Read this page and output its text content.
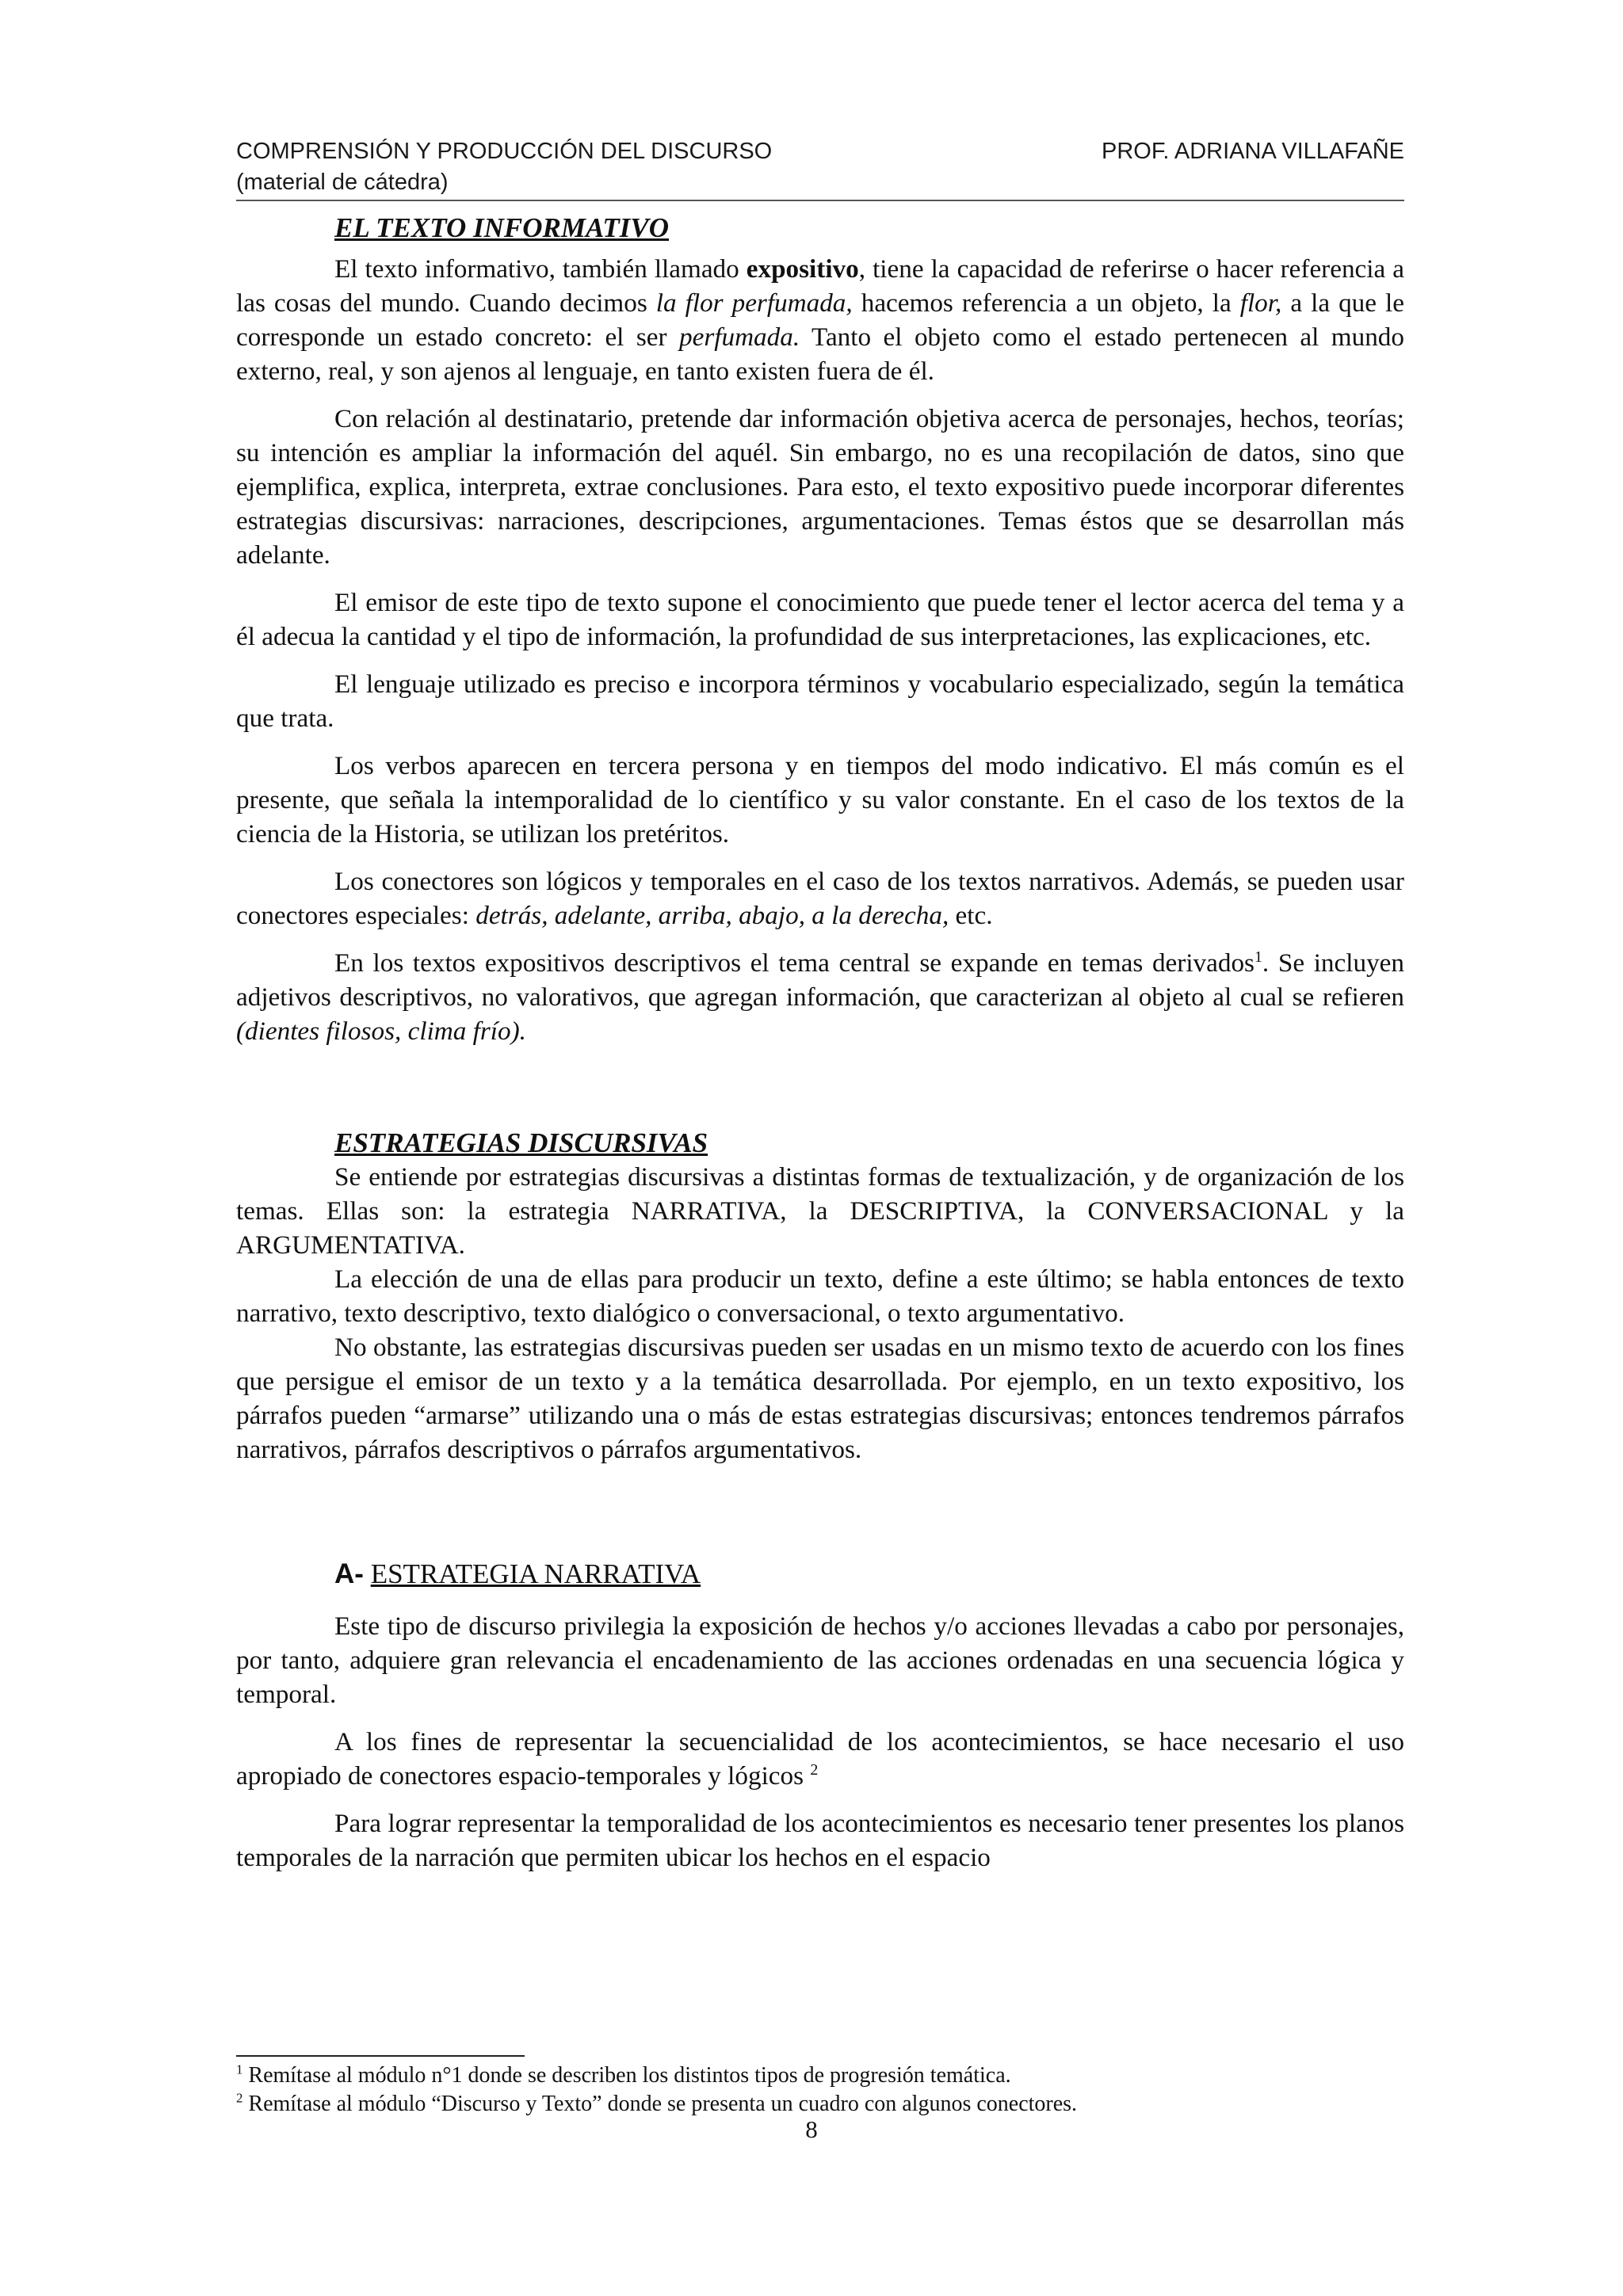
COMPRENSIÓN Y PRODUCCIÓN DEL DISCURSO
(material de cátedra)
PROF. ADRIANA VILLAFAÑE
EL TEXTO INFORMATIVO

El texto informativo, también llamado expositivo, tiene la capacidad de referirse o hacer referencia a las cosas del mundo. Cuando decimos la flor perfumada, hacemos referencia a un objeto, la flor, a la que le corresponde un estado concreto: el ser perfumada. Tanto el objeto como el estado pertenecen al mundo externo, real, y son ajenos al lenguaje, en tanto existen fuera de él.

Con relación al destinatario, pretende dar información objetiva acerca de personajes, hechos, teorías; su intención es ampliar la información del aquél. Sin embargo, no es una recopilación de datos, sino que ejemplifica, explica, interpreta, extrae conclusiones. Para esto, el texto expositivo puede incorporar diferentes estrategias discursivas: narraciones, descripciones, argumentaciones. Temas éstos que se desarrollan más adelante.

El emisor de este tipo de texto supone el conocimiento que puede tener el lector acerca del tema y a él adecua la cantidad y el tipo de información, la profundidad de sus interpretaciones, las explicaciones, etc.

El lenguaje utilizado es preciso e incorpora términos y vocabulario especializado, según la temática que trata.

Los verbos aparecen en tercera persona y en tiempos del modo indicativo. El más común es el presente, que señala la intemporalidad de lo científico y su valor constante. En el caso de los textos de la ciencia de la Historia, se utilizan los pretéritos.

Los conectores son lógicos y temporales en el caso de los textos narrativos. Además, se pueden usar conectores especiales: detrás, adelante, arriba, abajo, a la derecha, etc.

En los textos expositivos descriptivos el tema central se expande en temas derivados$^1$. Se incluyen adjetivos descriptivos, no valorativos, que agregan información, que caracterizan al objeto al cual se refieren (dientes filosos, clima frío).

ESTRATEGIAS DISCURSIVAS

Se entiende por estrategias discursivas a distintas formas de textualización, y de organización de los temas. Ellas son: la estrategia NARRATIVA, la DESCRIPTIVA, la CONVERSACIONAL y la ARGUMENTATIVA.

La elección de una de ellas para producir un texto, define a este último; se habla entonces de texto narrativo, texto descriptivo, texto dialógico o conversacional, o texto argumentativo.

No obstante, las estrategias discursivas pueden ser usadas en un mismo texto de acuerdo con los fines que persigue el emisor de un texto y a la temática desarrollada. Por ejemplo, en un texto expositivo, los párrafos pueden “armarse” utilizando una o más de estas estrategias discursivas; entonces tendremos párrafos narrativos, párrafos descriptivos o párrafos argumentativos.

A- ESTRATEGIA NARRATIVA

Este tipo de discurso privilegia la exposición de hechos y/o acciones llevadas a cabo por personajes, por tanto, adquiere gran relevancia el encadenamiento de las acciones ordenadas en una secuencia lógica y temporal.

A los fines de representar la secuencialidad de los acontecimientos, se hace necesario el uso apropiado de conectores espacio-temporales y lógicos $^2$

Para lograr representar la temporalidad de los acontecimientos es necesario tener presentes los planos temporales de la narración que permiten ubicar los hechos en el espacio

$^1$ Remítase al módulo n°1 donde se describen los distintos tipos de progresión temática.
$^2$ Remítase al módulo “Discurso y Texto” donde se presenta un cuadro con algunos conectores.
8
